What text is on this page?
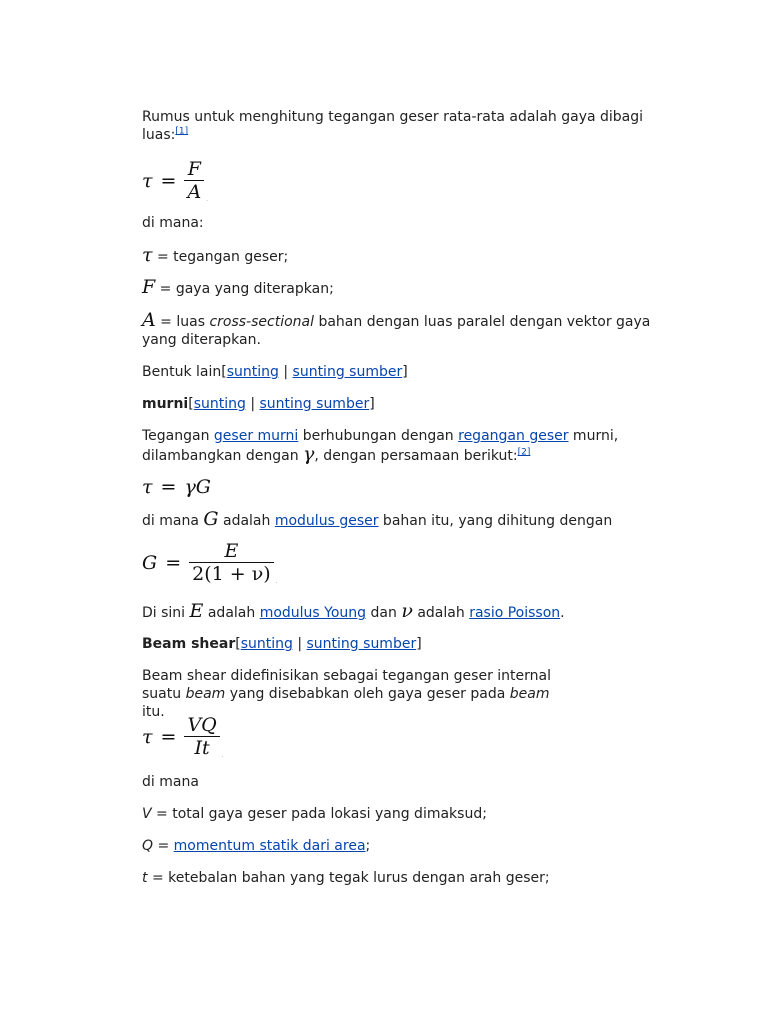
Rumus untuk menghitung tegangan geser rata-rata adalah gaya dibagi luas:[1]

$\tau = \frac{F}{A}$ .

di mana:

τ = tegangan geser;

F = gaya yang diterapkan;

A = luas cross-sectional bahan dengan luas paralel dengan vektor gaya yang diterapkan.

Bentuk lain[sunting | sunting sumber]

murni[sunting | sunting sumber]

Tegangan geser murni berhubungan dengan regangan geser murni, dilambangkan dengan γ, dengan persamaan berikut:[2]

τ = γG

di mana G adalah modulus geser bahan itu, yang dihitung dengan

$G = \frac{E}{2(1 + \nu)}$ .

Di sini E adalah modulus Young dan ν adalah rasio Poisson.

Beam shear[sunting | sunting sumber]

Beam shear didefinisikan sebagai tegangan geser internal suatu beam yang disebabkan oleh gaya geser pada beam itu.

$\tau = \frac{VQ}{It}$ .

di mana

V = total gaya geser pada lokasi yang dimaksud;

Q = momentum statik dari area;

t = ketebalan bahan yang tegak lurus dengan arah geser;
